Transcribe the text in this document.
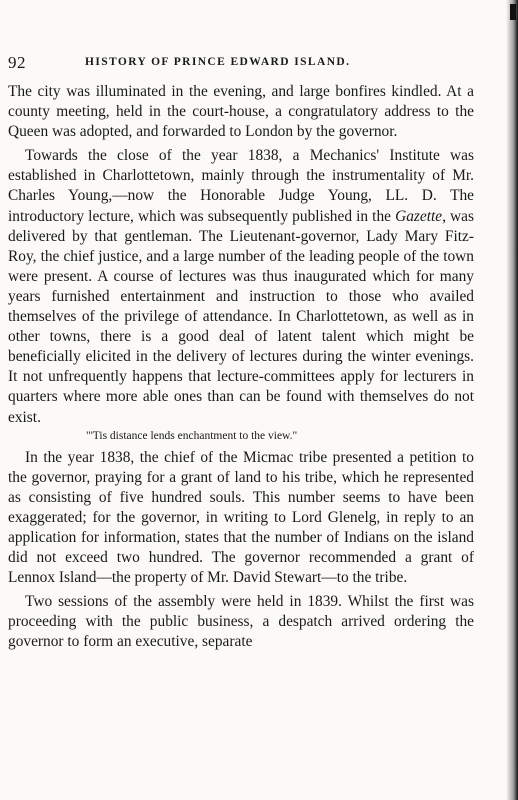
92	HISTORY OF PRINCE EDWARD ISLAND.

The city was illuminated in the evening, and large bonfires kindled. At a county meeting, held in the court-house, a congratulatory address to the Queen was adopted, and forwarded to London by the governor.

Towards the close of the year 1838, a Mechanics' Institute was established in Charlottetown, mainly through the instrumentality of Mr. Charles Young,—now the Honorable Judge Young, LL. D. The introductory lecture, which was subsequently published in the Gazette, was delivered by that gentleman. The Lieutenant-governor, Lady Mary Fitz-Roy, the chief justice, and a large number of the leading people of the town were present. A course of lectures was thus inaugurated which for many years furnished entertainment and instruction to those who availed themselves of the privilege of attendance. In Charlottetown, as well as in other towns, there is a good deal of latent talent which might be beneficially elicited in the delivery of lectures during the winter evenings. It not unfrequently happens that lecture-committees apply for lecturers in quarters where more able ones than can be found with themselves do not exist.

"'Tis distance lends enchantment to the view."

In the year 1838, the chief of the Micmac tribe presented a petition to the governor, praying for a grant of land to his tribe, which he represented as consisting of five hundred souls. This number seems to have been exaggerated; for the governor, in writing to Lord Glenelg, in reply to an application for information, states that the number of Indians on the island did not exceed two hundred. The governor recommended a grant of Lennox Island—the property of Mr. David Stewart—to the tribe.

Two sessions of the assembly were held in 1839. Whilst the first was proceeding with the public business, a despatch arrived ordering the governor to form an executive, separate
